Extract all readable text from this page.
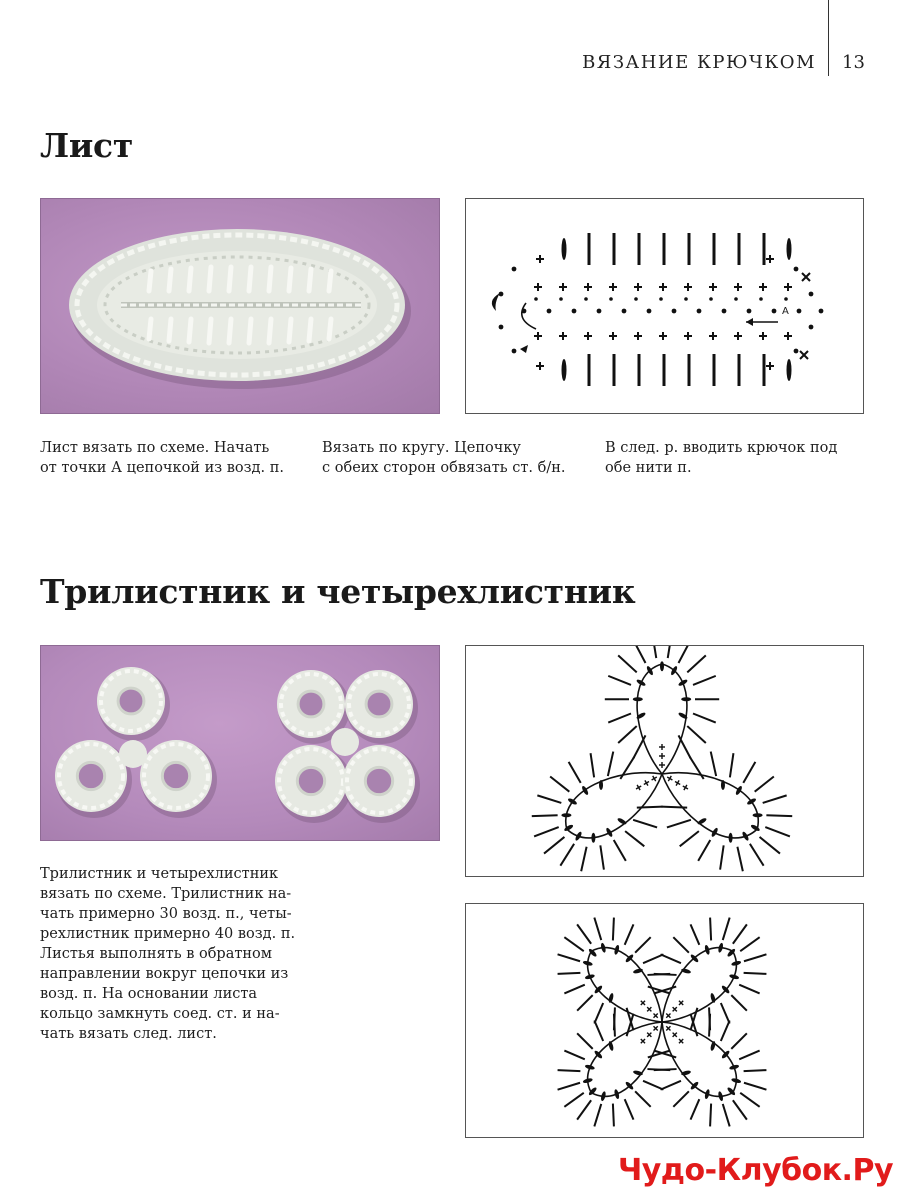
ВЯЗАНИЕ КРЮЧКОМ 13
Лист
A
Лист вязать по схеме. Начать
от точки А цепочкой из возд. п.
Вязать по кругу. Цепочку
с обеих сторон обвязать ст. б/н.
В след. р. вводить крючок под
обе нити п.
Трилистник и четырехлистник
Трилистник и четырехлистник
вязать по схеме. Трилистник на-
чать примерно 30 возд. п., четы-
рехлистник примерно 40 возд. п.
Листья выполнять в обратном
направлении вокруг цепочки из
возд. п. На основании листа
кольцо замкнуть соед. ст. и на-
чать вязать след. лист.
Чудо-Клубок.Ру
